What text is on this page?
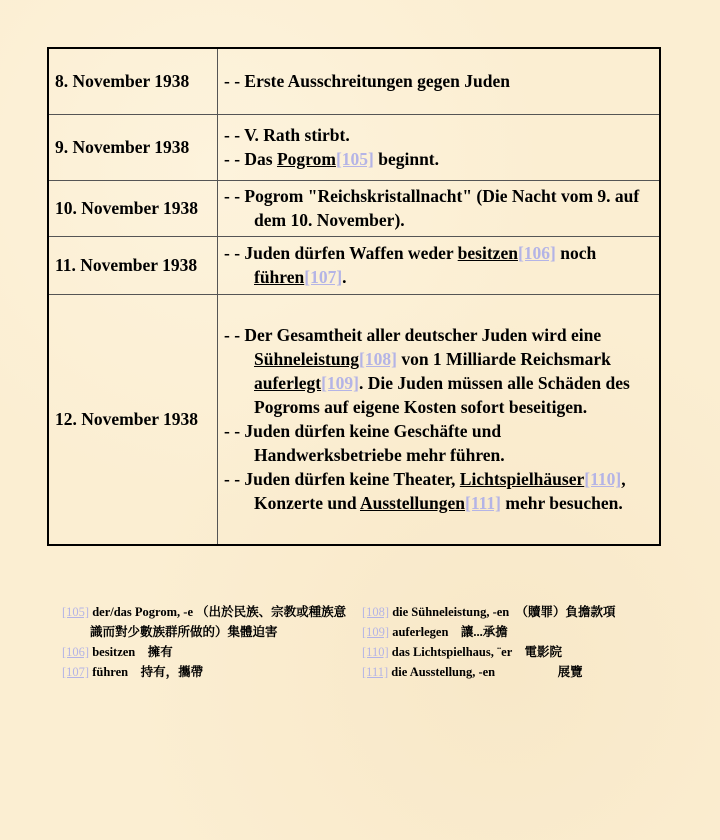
8. November 1938	- - Erste Ausschreitungen gegen Juden

9. November 1938	- - V. Rath stirbt.
- - Das Pogrom[105] beginnt.

10. November 1938	- - Pogrom "Reichskristallnacht" (Die Nacht vom 9. auf dem 10. November).

11. November 1938	- - Juden dürfen Waffen weder besitzen[106] noch führen[107].

12. November 1938	- - Der Gesamtheit aller deutscher Juden wird eine Sühneleistung[108] von 1 Milliarde Reichsmark auferlegt[109]. Die Juden müssen alle Schäden des Pogroms auf eigene Kosten sofort beseitigen.
- - Juden dürfen keine Geschäfte und Handwerksbetriebe mehr führen.
- - Juden dürfen keine Theater, Lichtspielhäuser[110], Konzerte und Ausstellungen[111] mehr besuchen.
[105] der/das Pogrom, -e （出於民族、宗教或種族意識而對少數族群所做的）集體迫害
[106] besitzen　擁有
[107] führen　持有，攜帶
[108] die Sühneleistung, -en　（贖罪）負擔款項
[109] auferlegen　讓...承擔
[110] das Lichtspielhaus, ¨er　電影院
[111] die Ausstellung, -en　　　　　展覽
